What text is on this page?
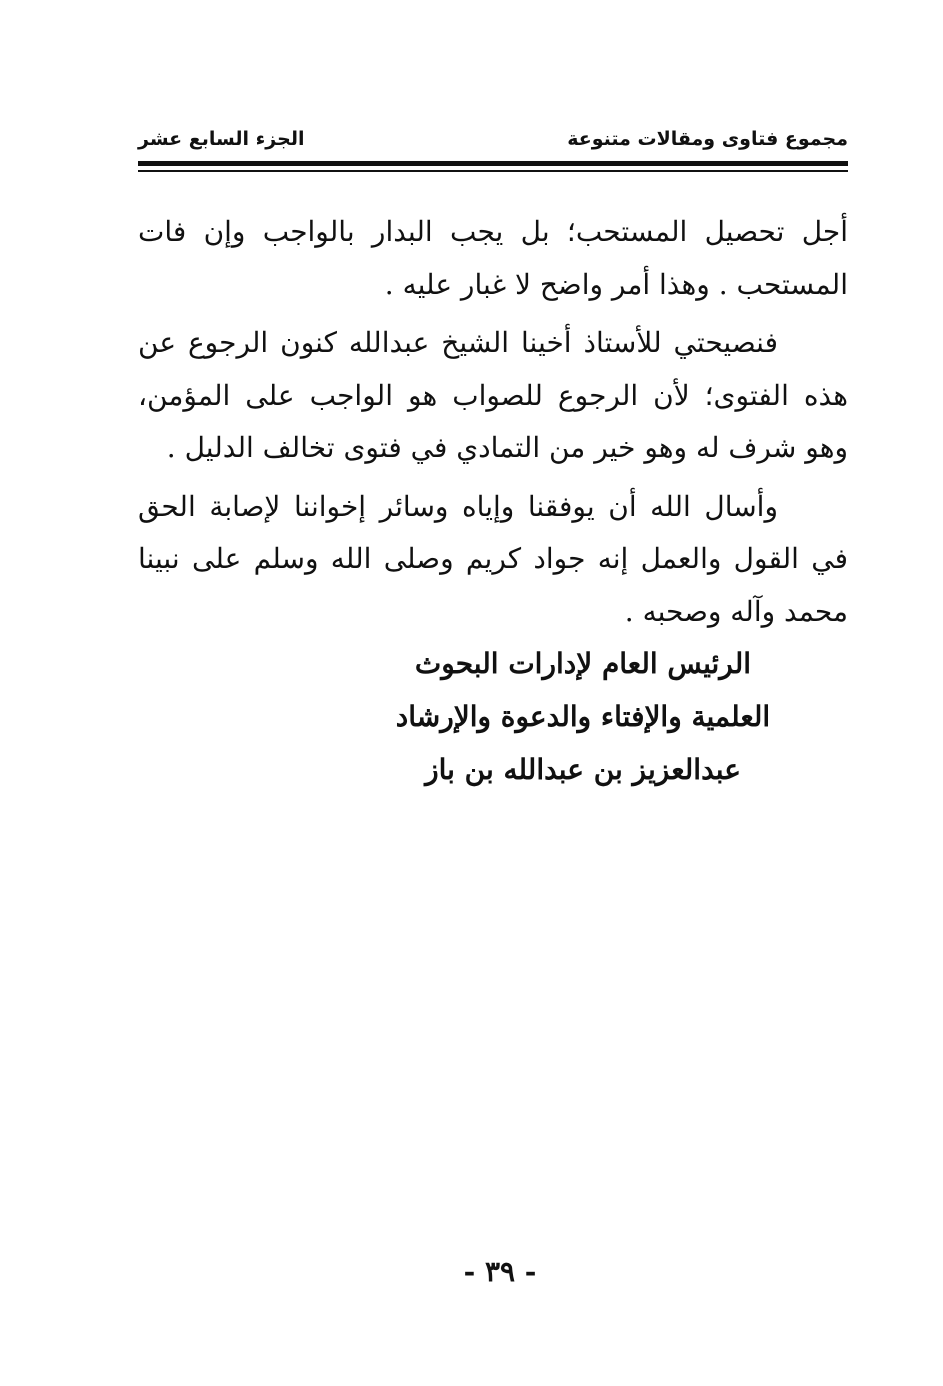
مجموع فتاوى ومقالات متنوعة
الجزء السابع عشر

أجل تحصيل المستحب؛ بل يجب البدار بالواجب وإن فات المستحب . وهذا أمر واضح لا غبار عليه .

فنصيحتي للأستاذ أخينا الشيخ عبدالله كنون الرجوع عن هذه الفتوى؛ لأن الرجوع للصواب هو الواجب على المؤمن، وهو شرف له وهو خير من التمادي في فتوى تخالف الدليل .

وأسال الله أن يوفقنا وإياه وسائر إخواننا لإصابة الحق في القول والعمل إنه جواد كريم وصلى الله وسلم على نبينا محمد وآله وصحبه .

الرئيس العام لإدارات البحوث
العلمية والإفتاء والدعوة والإرشاد
عبدالعزيز بن عبدالله بن باز
- ٣٩ -
